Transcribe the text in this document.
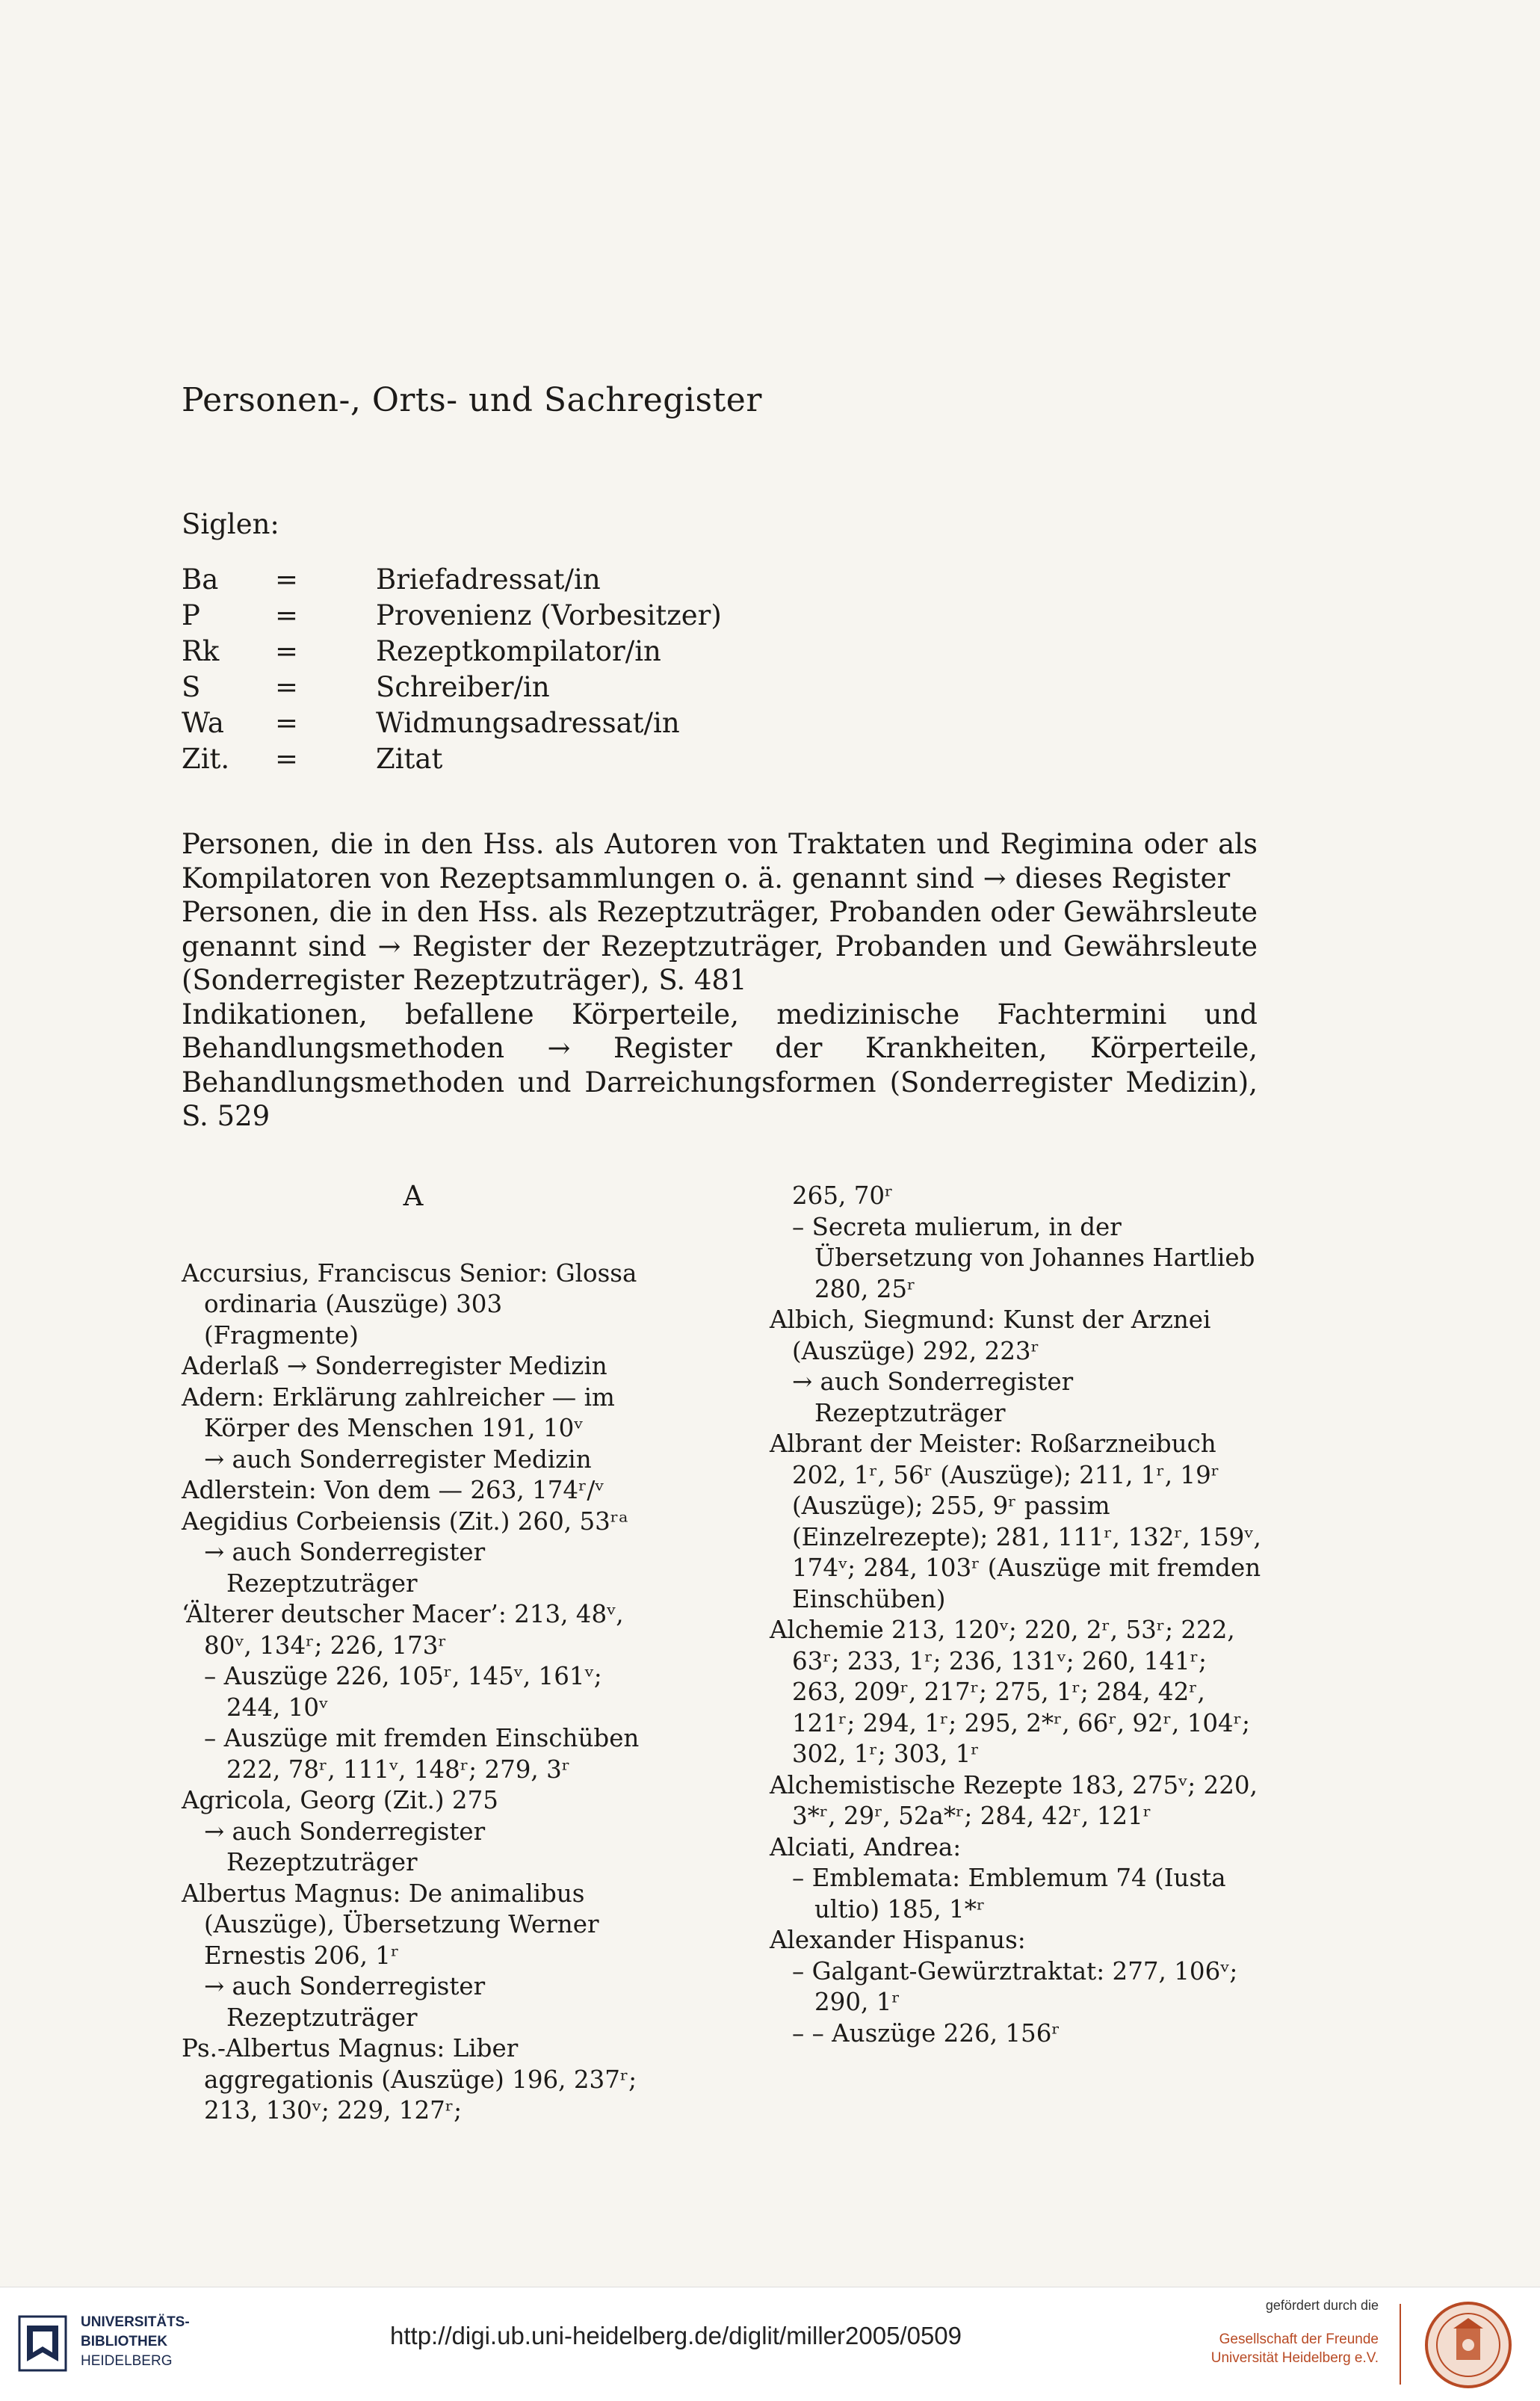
Personen-, Orts- und Sachregister
Siglen:
Ba	=	Briefadressat/in
P	=	Provenienz (Vorbesitzer)
Rk	=	Rezeptkompilator/in
S	=	Schreiber/in
Wa	=	Widmungsadressat/in
Zit.	=	Zitat

Personen, die in den Hss. als Autoren von Traktaten und Regimina oder als Kompilatoren von Rezeptsammlungen o. ä. genannt sind → dieses Register

Personen, die in den Hss. als Rezeptzuträger, Probanden oder Gewährsleute genannt sind → Register der Rezeptzuträger, Probanden und Gewährsleute (Sonderregister Rezeptzuträger), S. 481

Indikationen, befallene Körperteile, medizinische Fachtermini und Behandlungsmethoden → Register der Krankheiten, Körperteile, Behandlungsmethoden und Darreichungsformen (Sonderregister Medizin), S. 529

A
Accursius, Franciscus Senior: Glossa ordinaria (Auszüge) 303 (Fragmente)
Aderlaß → Sonderregister Medizin
Adern: Erklärung zahlreicher — im Körper des Menschen 191, 10ᵛ
→ auch Sonderregister Medizin
Adlerstein: Von dem — 263, 174ʳ/ᵛ
Aegidius Corbeiensis (Zit.) 260, 53ʳᵃ
→ auch Sonderregister Rezeptzuträger
‘Älterer deutscher Macer’: 213, 48ᵛ, 80ᵛ, 134ʳ; 226, 173ʳ
– Auszüge 226, 105ʳ, 145ᵛ, 161ᵛ; 244, 10ᵛ
– Auszüge mit fremden Einschüben 222, 78ʳ, 111ᵛ, 148ʳ; 279, 3ʳ
Agricola, Georg (Zit.) 275
→ auch Sonderregister Rezeptzuträger
Albertus Magnus: De animalibus (Auszüge), Übersetzung Werner Ernestis 206, 1ʳ
→ auch Sonderregister Rezeptzuträger
Ps.-Albertus Magnus: Liber aggregationis (Auszüge) 196, 237ʳ; 213, 130ᵛ; 229, 127ʳ;
265, 70ʳ
– Secreta mulierum, in der Übersetzung von Johannes Hartlieb 280, 25ʳ
Albich, Siegmund: Kunst der Arznei (Auszüge) 292, 223ʳ
→ auch Sonderregister Rezeptzuträger
Albrant der Meister: Roßarzneibuch 202, 1ʳ, 56ʳ (Auszüge); 211, 1ʳ, 19ʳ (Auszüge); 255, 9ʳ passim (Einzelrezepte); 281, 111ʳ, 132ʳ, 159ᵛ, 174ᵛ; 284, 103ʳ (Auszüge mit fremden Einschüben)
Alchemie 213, 120ᵛ; 220, 2ʳ, 53ʳ; 222, 63ʳ; 233, 1ʳ; 236, 131ᵛ; 260, 141ʳ; 263, 209ʳ, 217ʳ; 275, 1ʳ; 284, 42ʳ, 121ʳ; 294, 1ʳ; 295, 2*ʳ, 66ʳ, 92ʳ, 104ʳ; 302, 1ʳ; 303, 1ʳ
Alchemistische Rezepte 183, 275ᵛ; 220, 3*ʳ, 29ʳ, 52a*ʳ; 284, 42ʳ, 121ʳ
Alciati, Andrea:
– Emblemata: Emblemum 74 (Iusta ultio) 185, 1*ʳ
Alexander Hispanus:
– Galgant-Gewürztraktat: 277, 106ᵛ; 290, 1ʳ
– – Auszüge 226, 156ʳ
UNIVERSITÄTS-
BIBLIOTHEK
HEIDELBERG
http://digi.ub.uni-heidelberg.de/diglit/miller2005/0509
gefördert durch die
Gesellschaft der Freunde
Universität Heidelberg e.V.
